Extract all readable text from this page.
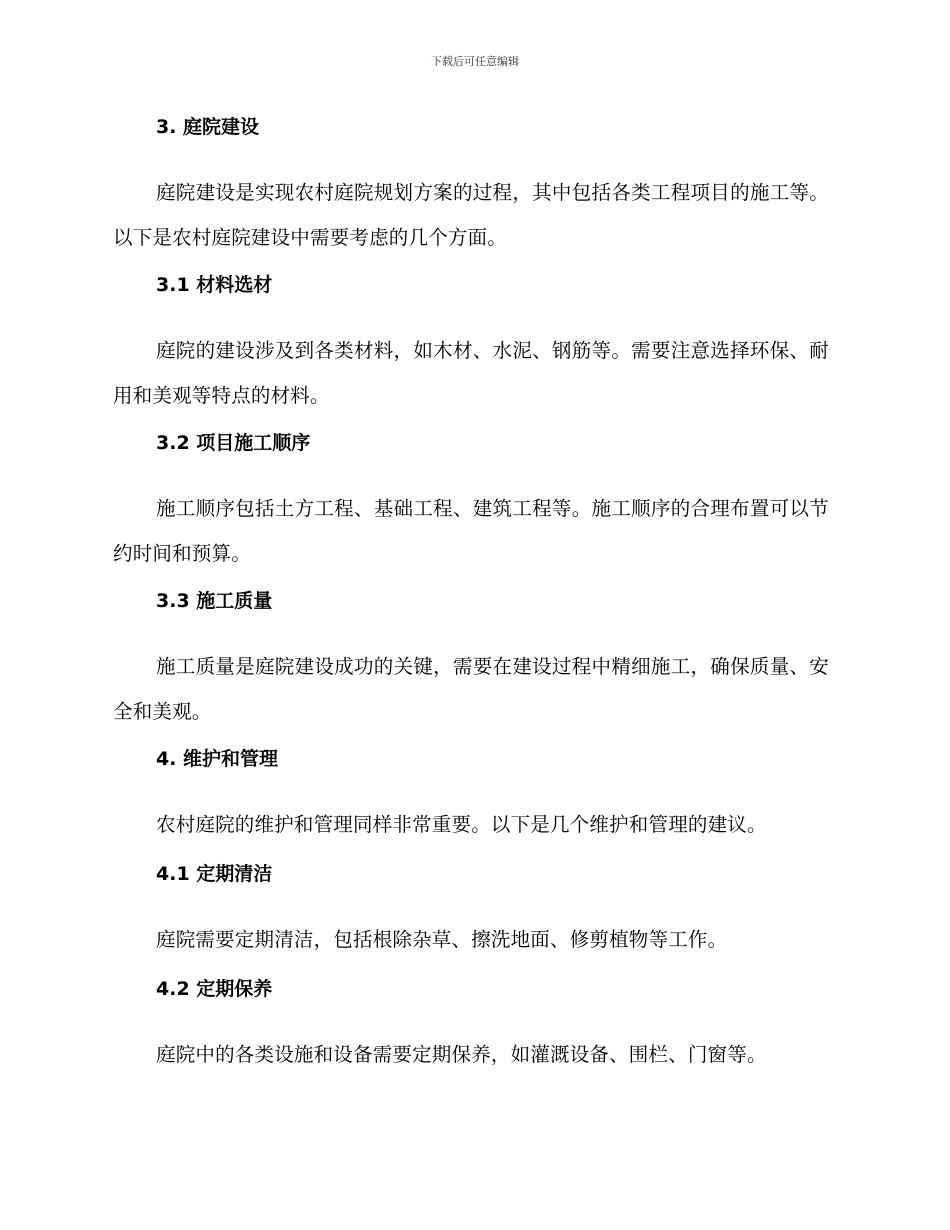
下载后可任意编辑
3. 庭院建设

庭院建设是实现农村庭院规划方案的过程，其中包括各类工程项目的施工等。以下是农村庭院建设中需要考虑的几个方面。

3.1 材料选材

庭院的建设涉及到各类材料，如木材、水泥、钢筋等。需要注意选择环保、耐用和美观等特点的材料。

3.2 项目施工顺序

施工顺序包括土方工程、基础工程、建筑工程等。施工顺序的合理布置可以节约时间和预算。

3.3 施工质量

施工质量是庭院建设成功的关键，需要在建设过程中精细施工，确保质量、安全和美观。

4. 维护和管理

农村庭院的维护和管理同样非常重要。以下是几个维护和管理的建议。

4.1 定期清洁

庭院需要定期清洁，包括根除杂草、擦洗地面、修剪植物等工作。

4.2 定期保养

庭院中的各类设施和设备需要定期保养，如灌溉设备、围栏、门窗等。
